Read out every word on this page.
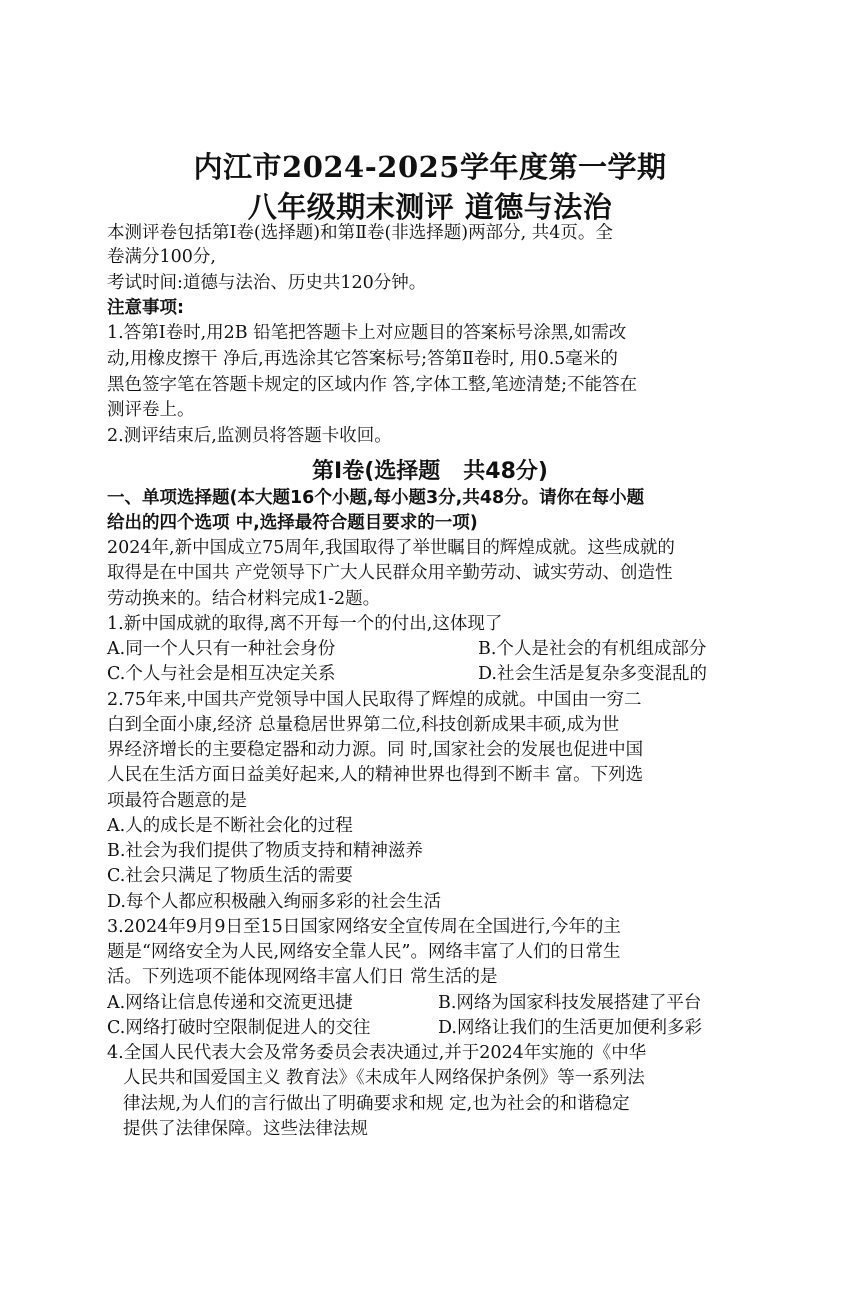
内江市2024-2025学年度第一学期
八年级期末测评 道德与法治
本测评卷包括第Ⅰ卷(选择题)和第Ⅱ卷(非选择题)两部分, 共4页。全
卷满分100分,
考试时间:道德与法治、历史共120分钟。
注意事项:
1.答第Ⅰ卷时,用2B 铅笔把答题卡上对应题目的答案标号涂黑,如需改
动,用橡皮擦干 净后,再选涂其它答案标号;答第Ⅱ卷时, 用0.5毫米的
黑色签字笔在答题卡规定的区域内作 答,字体工整,笔迹清楚;不能答在
测评卷上。
2.测评结束后,监测员将答题卡收回。
第Ⅰ卷(选择题   共48分)
一、单项选择题(本大题16个小题,每小题3分,共48分。请你在每小题
给出的四个选项 中,选择最符合题目要求的一项)
2024年,新中国成立75周年,我国取得了举世瞩目的辉煌成就。这些成就的
取得是在中国共 产党领导下广大人民群众用辛勤劳动、诚实劳动、创造性
劳动换来的。结合材料完成1-2题。
1.新中国成就的取得,离不开每一个的付出,这体现了
A.同一个人只有一种社会身份	B.个人是社会的有机组成部分
C.个人与社会是相互决定关系	D.社会生活是复杂多变混乱的
2.75年来,中国共产党领导中国人民取得了辉煌的成就。中国由一穷二
白到全面小康,经济 总量稳居世界第二位,科技创新成果丰硕,成为世
界经济增长的主要稳定器和动力源。同 时,国家社会的发展也促进中国
人民在生活方面日益美好起来,人的精神世界也得到不断丰 富。下列选
项最符合题意的是
A.人的成长是不断社会化的过程
B.社会为我们提供了物质支持和精神滋养
C.社会只满足了物质生活的需要
D.每个人都应积极融入绚丽多彩的社会生活
3.2024年9月9日至15日国家网络安全宣传周在全国进行,今年的主
题是“网络安全为人民,网络安全靠人民”。网络丰富了人们的日常生
活。下列选项不能体现网络丰富人们日 常生活的是
A.网络让信息传递和交流更迅捷	B.网络为国家科技发展搭建了平台
C.网络打破时空限制促进人的交往	D.网络让我们的生活更加便利多彩
4.全国人民代表大会及常务委员会表决通过,并于2024年实施的《中华
人民共和国爱国主义 教育法》《未成年人网络保护条例》等一系列法
律法规,为人们的言行做出了明确要求和规 定,也为社会的和谐稳定
提供了法律保障。这些法律法规
